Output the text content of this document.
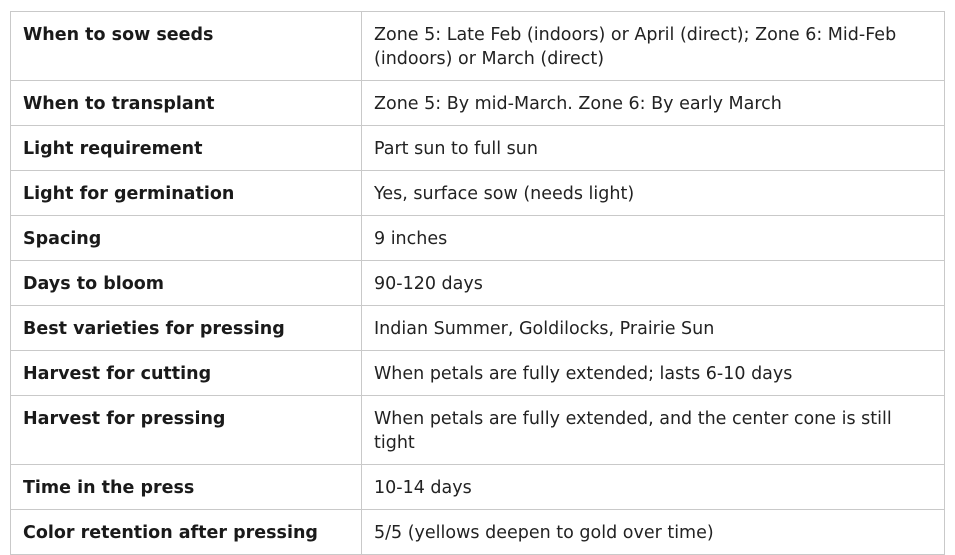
When to sow seeds	Zone 5: Late Feb (indoors) or April (direct); Zone 6: Mid-Feb (indoors) or March (direct)
When to transplant	Zone 5: By mid-March. Zone 6: By early March
Light requirement	Part sun to full sun
Light for germination	Yes, surface sow (needs light)
Spacing	9 inches
Days to bloom	90-120 days
Best varieties for pressing	Indian Summer, Goldilocks, Prairie Sun
Harvest for cutting	When petals are fully extended; lasts 6-10 days
Harvest for pressing	When petals are fully extended, and the center cone is still tight
Time in the press	10-14 days
Color retention after pressing	5/5 (yellows deepen to gold over time)
